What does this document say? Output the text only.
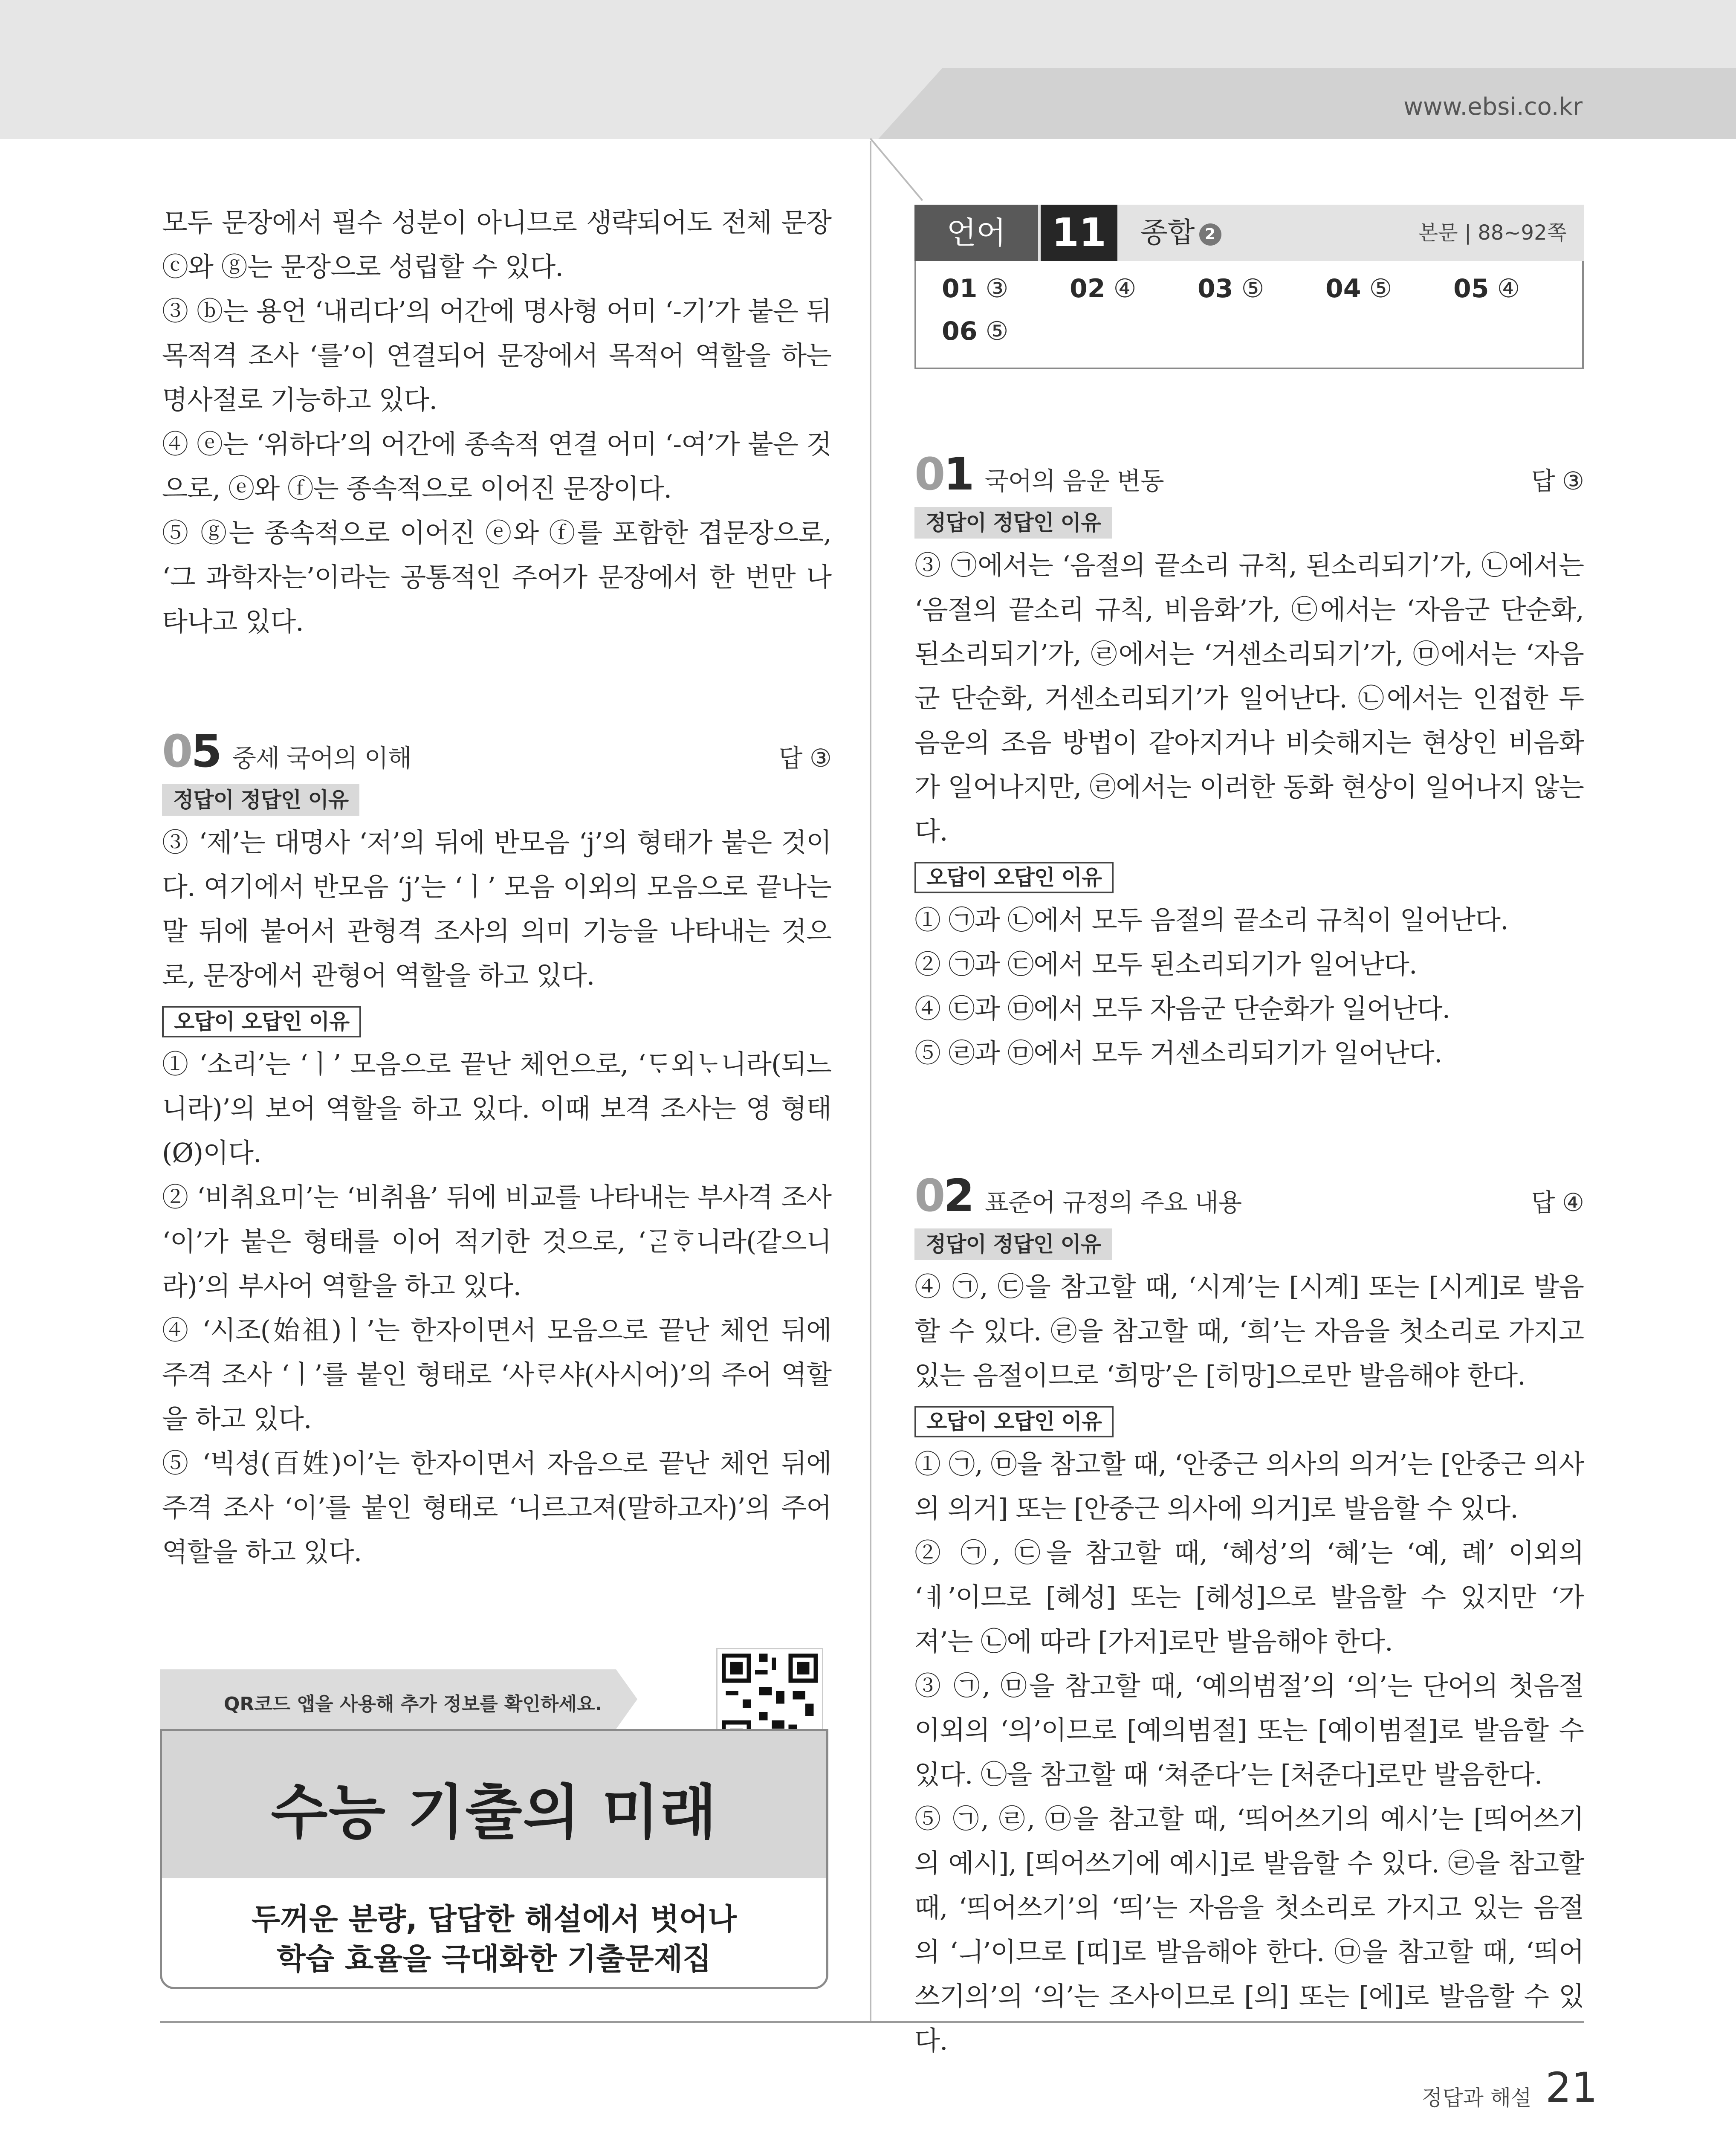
www.ebsi.co.kr

모두 문장에서 필수 성분이 아니므로 생략되어도 전체 문장 ⓒ와 ⓖ는 문장으로 성립할 수 있다.

③ ⓑ는 용언 ‘내리다’의 어간에 명사형 어미 ‘-기’가 붙은 뒤 목적격 조사 ‘를’이 연결되어 문장에서 목적어 역할을 하는 명사절로 기능하고 있다.

④ ⓔ는 ‘위하다’의 어간에 종속적 연결 어미 ‘-여’가 붙은 것으로, ⓔ와 ⓕ는 종속적으로 이어진 문장이다.

⑤ ⓖ는 종속적으로 이어진 ⓔ와 ⓕ를 포함한 겹문장으로, ‘그 과학자는’이라는 공통적인 주어가 문장에서 한 번만 나타나고 있다.

05 중세 국어의 이해	답 ③
정답이 정답인 이유

③ ‘제’는 대명사 ‘저’의 뒤에 반모음 ‘j’의 형태가 붙은 것이다. 여기에서 반모음 ‘j’는 ‘ㅣ’ 모음 이외의 모음으로 끝나는 말 뒤에 붙어서 관형격 조사의 의미 기능을 나타내는 것으로, 문장에서 관형어 역할을 하고 있다.

오답이 오답인 이유

① ‘소리’는 ‘ㅣ’ 모음으로 끝난 체언으로, ‘ᄃᆞ외ᄂᆞ니라(되느니라)’의 보어 역할을 하고 있다. 이때 보격 조사는 영 형태(Ø)이다.

② ‘비취요미’는 ‘비취욤’ 뒤에 비교를 나타내는 부사격 조사 ‘이’가 붙은 형태를 이어 적기한 것으로, ‘ᄀᆞᆮᄒᆞ니라(같으니라)’의 부사어 역할을 하고 있다.

④ ‘시조(始祖)ㅣ’는 한자이면서 모음으로 끝난 체언 뒤에 주격 조사 ‘ㅣ’를 붙인 형태로 ‘사ᄅᆞ샤(사시어)’의 주어 역할을 하고 있다.

⑤ ‘빅셩(百姓)이’는 한자이면서 자음으로 끝난 체언 뒤에 주격 조사 ‘이’를 붙인 형태로 ‘니르고져(말하고자)’의 주어 역할을 하고 있다.

QR코드 앱을 사용해 추가 정보를 확인하세요.
수능 기출의 미래
두꺼운 분량, 답답한 해설에서 벗어나
학습 효율을 극대화한 기출문제집
언어	11	종합 2	본문 | 88~92쪽
01 ③ 02 ④ 03 ⑤ 04 ⑤ 05 ④
06 ⑤
01 국어의 음운 변동	답 ③
정답이 정답인 이유

③ ㉠에서는 ‘음절의 끝소리 규칙, 된소리되기’가, ㉡에서는 ‘음절의 끝소리 규칙, 비음화’가, ㉢에서는 ‘자음군 단순화, 된소리되기’가, ㉣에서는 ‘거센소리되기’가, ㉤에서는 ‘자음군 단순화, 거센소리되기’가 일어난다. ㉡에서는 인접한 두 음운의 조음 방법이 같아지거나 비슷해지는 현상인 비음화가 일어나지만, ㉣에서는 이러한 동화 현상이 일어나지 않는다.

오답이 오답인 이유

① ㉠과 ㉡에서 모두 음절의 끝소리 규칙이 일어난다.

② ㉠과 ㉢에서 모두 된소리되기가 일어난다.

④ ㉢과 ㉤에서 모두 자음군 단순화가 일어난다.

⑤ ㉣과 ㉤에서 모두 거센소리되기가 일어난다.

02 표준어 규정의 주요 내용	답 ④
정답이 정답인 이유

④ ㉠, ㉢을 참고할 때, ‘시계’는 [시계] 또는 [시게]로 발음할 수 있다. ㉣을 참고할 때, ‘희’는 자음을 첫소리로 가지고 있는 음절이므로 ‘희망’은 [히망]으로만 발음해야 한다.

오답이 오답인 이유

① ㉠, ㉤을 참고할 때, ‘안중근 의사의 의거’는 [안중근 의사의 의거] 또는 [안중근 의사에 의거]로 발음할 수 있다.

② ㉠, ㉢을 참고할 때, ‘혜성’의 ‘혜’는 ‘예, 례’ 이외의 ‘ㅖ’이므로 [혜성] 또는 [헤성]으로 발음할 수 있지만 ‘가져’는 ㉡에 따라 [가저]로만 발음해야 한다.

③ ㉠, ㉤을 참고할 때, ‘예의범절’의 ‘의’는 단어의 첫음절 이외의 ‘의’이므로 [예의범절] 또는 [예이범절]로 발음할 수 있다. ㉡을 참고할 때 ‘쳐준다’는 [처준다]로만 발음한다.

⑤ ㉠, ㉣, ㉤을 참고할 때, ‘띄어쓰기의 예시’는 [띄어쓰기의 예시], [띄어쓰기에 예시]로 발음할 수 있다. ㉣을 참고할 때, ‘띄어쓰기’의 ‘띄’는 자음을 첫소리로 가지고 있는 음절의 ‘ㅢ’이므로 [띠]로 발음해야 한다. ㉤을 참고할 때, ‘띄어쓰기의’의 ‘의’는 조사이므로 [의] 또는 [에]로 발음할 수 있다.

정답과 해설 21
